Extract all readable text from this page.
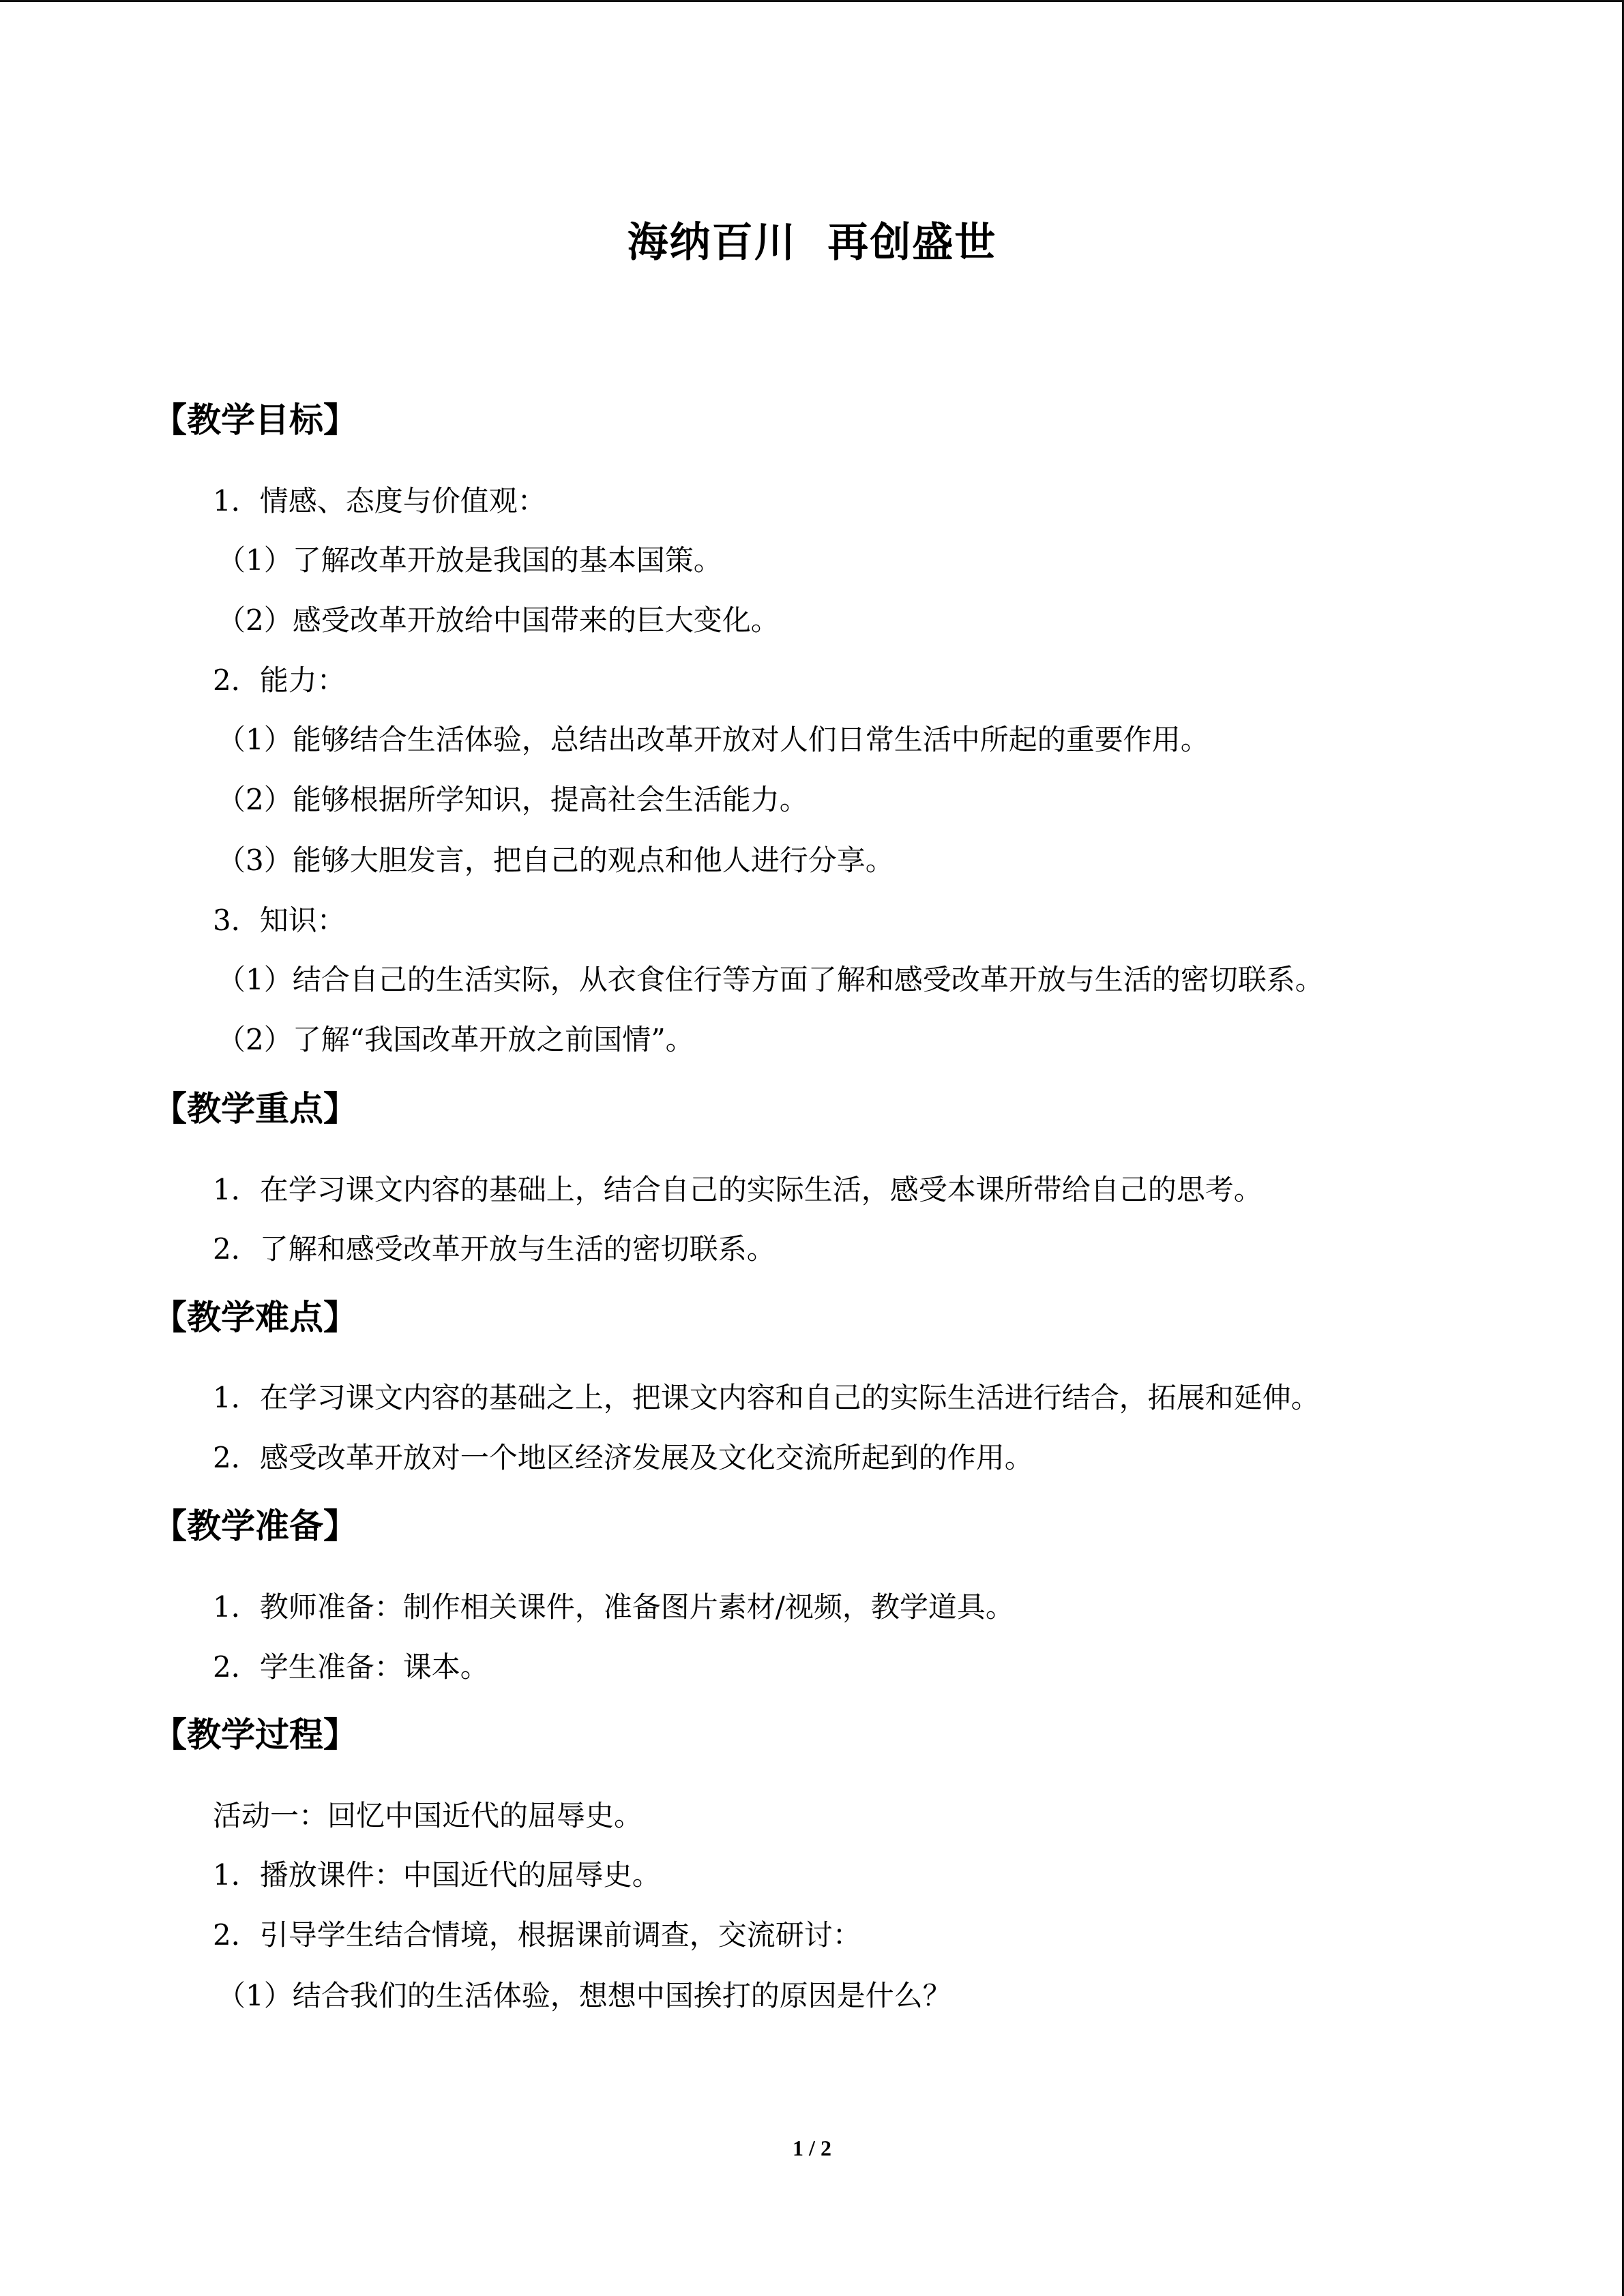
海纳百川  再创盛世
【教学目标】
1．情感、态度与价值观：
（1）了解改革开放是我国的基本国策。
（2）感受改革开放给中国带来的巨大变化。
2．能力：
（1）能够结合生活体验，总结出改革开放对人们日常生活中所起的重要作用。
（2）能够根据所学知识，提高社会生活能力。
（3）能够大胆发言，把自己的观点和他人进行分享。
3．知识：
（1）结合自己的生活实际，从衣食住行等方面了解和感受改革开放与生活的密切联系。
（2）了解“我国改革开放之前国情”。
【教学重点】
1．在学习课文内容的基础上，结合自己的实际生活，感受本课所带给自己的思考。
2．了解和感受改革开放与生活的密切联系。
【教学难点】
1．在学习课文内容的基础之上，把课文内容和自己的实际生活进行结合，拓展和延伸。
2．感受改革开放对一个地区经济发展及文化交流所起到的作用。
【教学准备】
1．教师准备：制作相关课件，准备图片素材/视频，教学道具。
2．学生准备：课本。
【教学过程】
活动一：回忆中国近代的屈辱史。
1．播放课件：中国近代的屈辱史。
2．引导学生结合情境，根据课前调查，交流研讨：
（1）结合我们的生活体验，想想中国挨打的原因是什么？
1 / 2
